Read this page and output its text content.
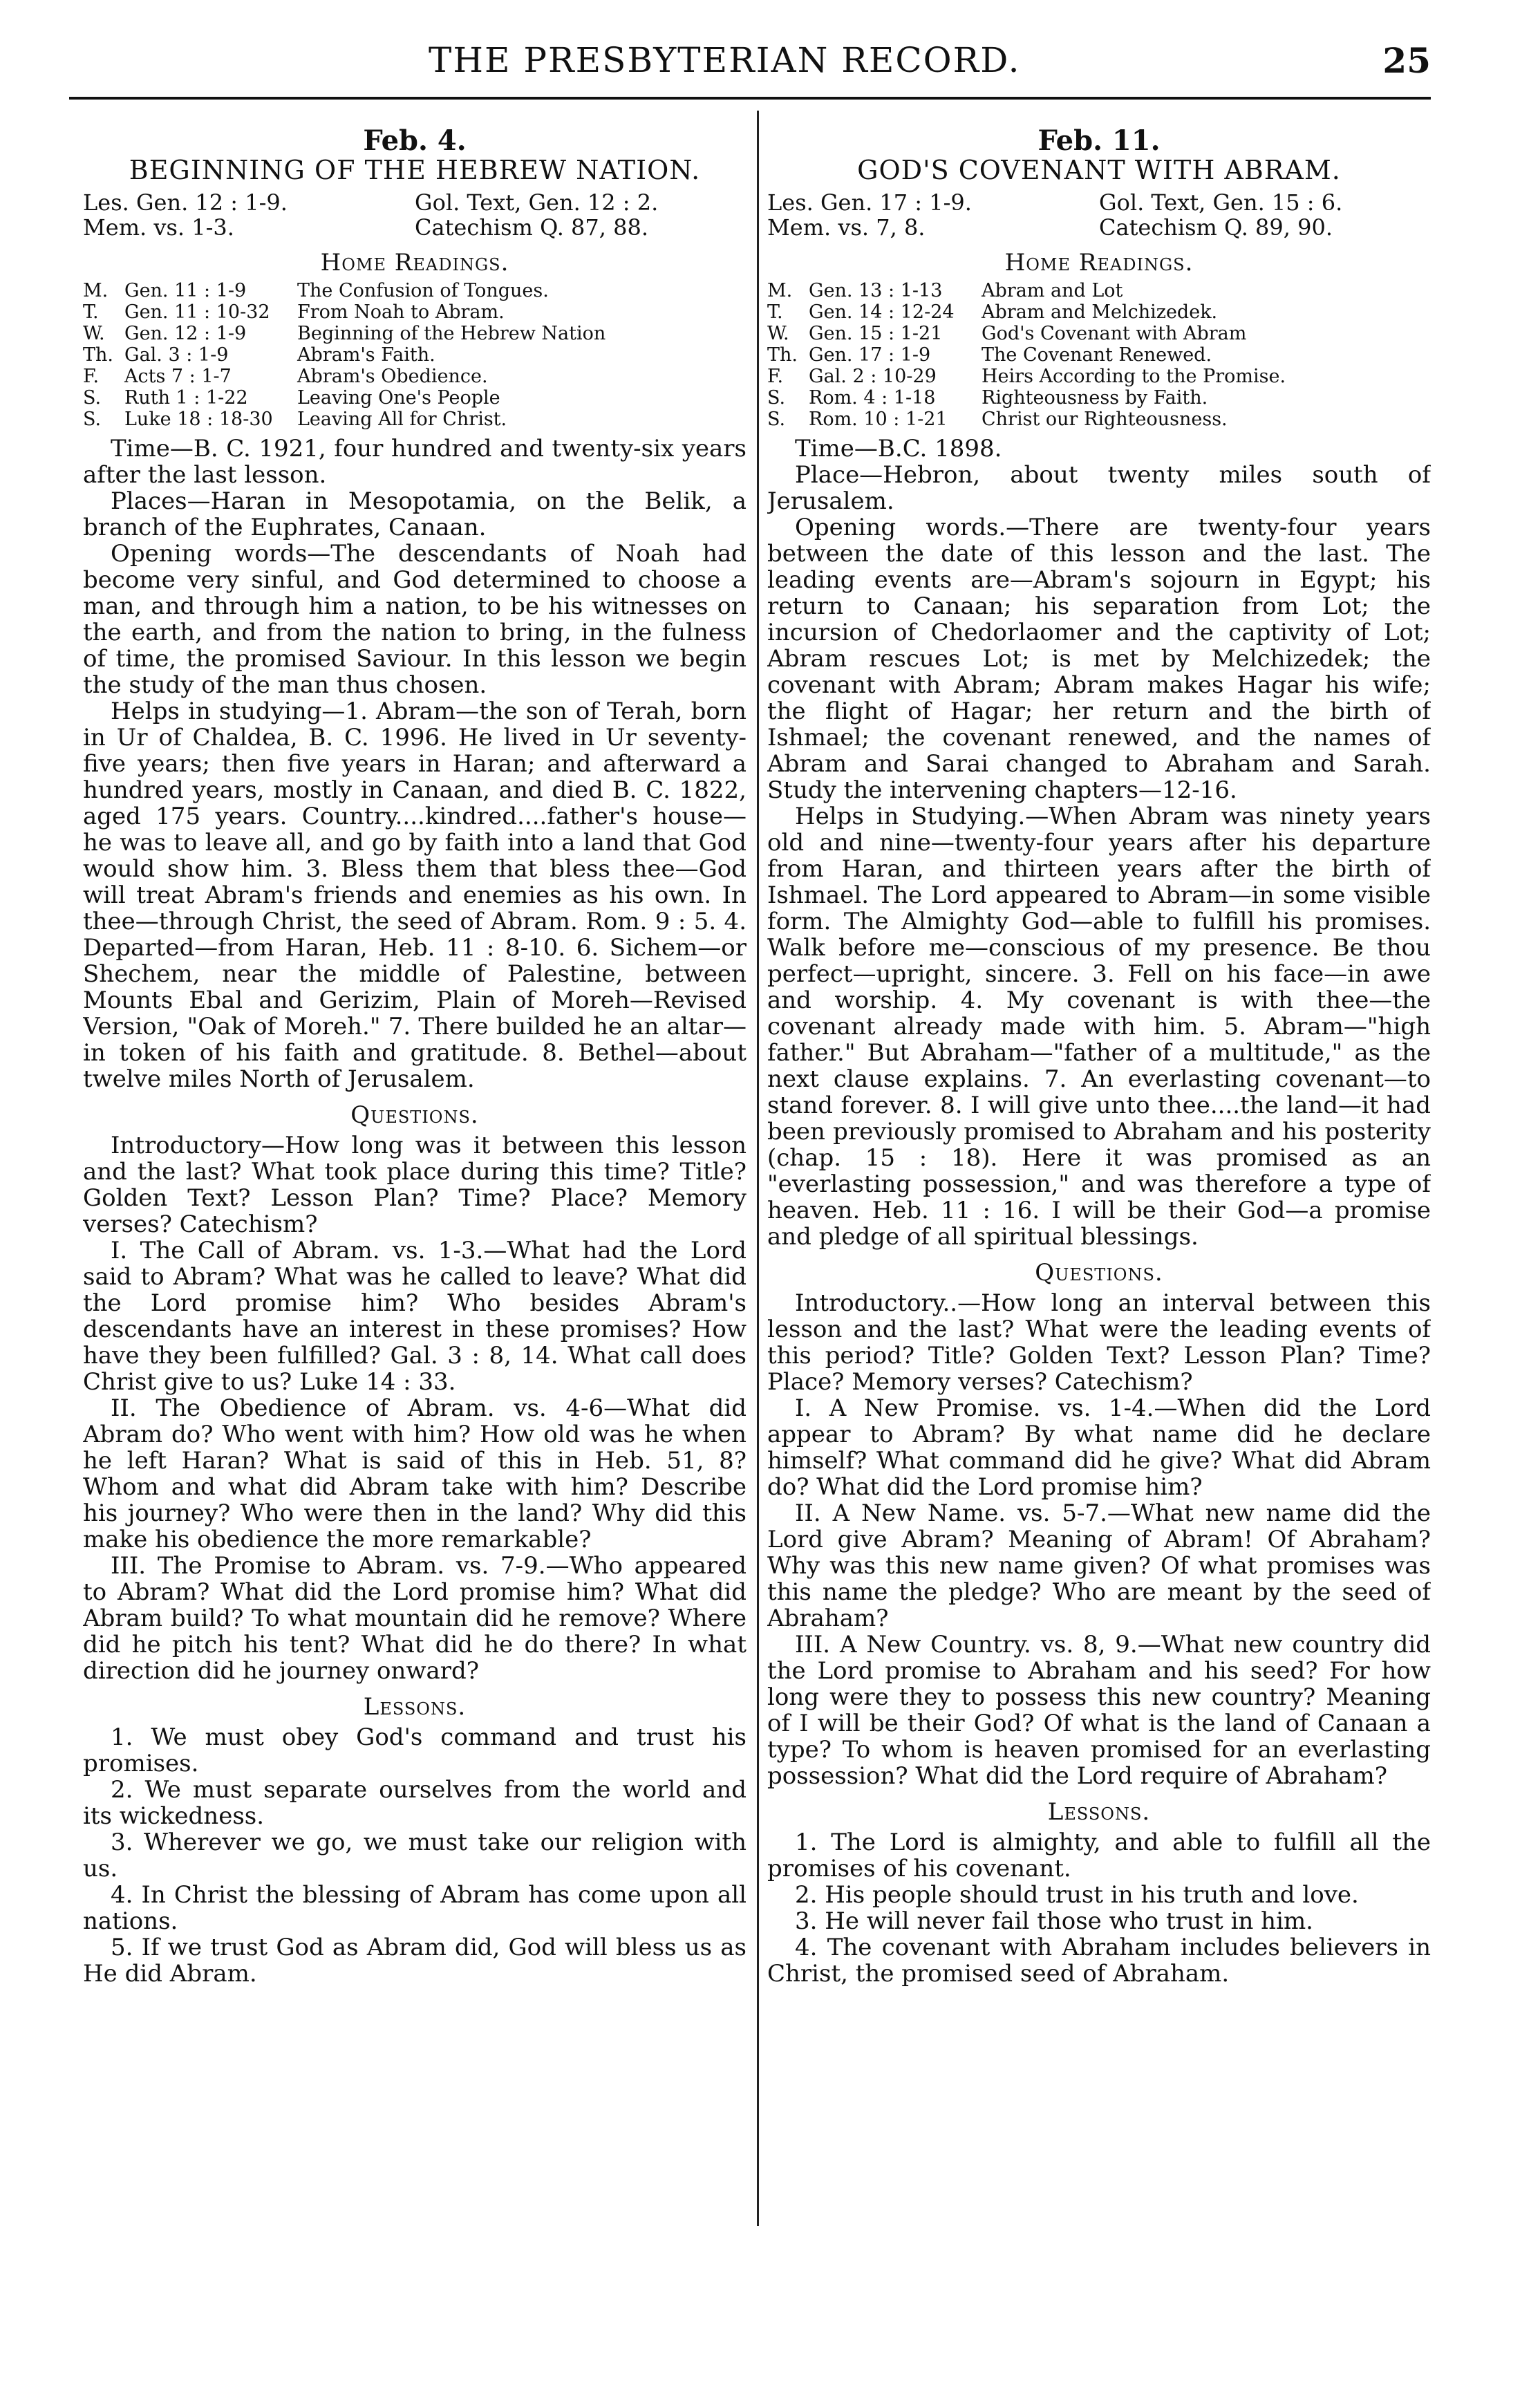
THE PRESBYTERIAN RECORD.	25
Feb. 4.
BEGINNING OF THE HEBREW NATION.
Les. Gen. 12 : 1-9.	Gol. Text, Gen. 12 : 2.
Mem. vs. 1-3.	Catechism Q. 87, 88.
Home Readings.
M. Gen. 11 : 1-9	The Confusion of Tongues.
T.	Gen. 11 : 10-32	From Noah to Abram.
W.	Gen. 12 : 1-9	Beginning of the Hebrew Nation
Th. Gal. 3 : 1-9	Abram's Faith.
F.	Acts 7 : 1-7	Abram's Obedience.
S.	Ruth 1 : 1-22	Leaving One's People
S.	Luke 18 : 18-30	Leaving All for Christ.

Time—B. C. 1921, four hundred and twenty-six years after the last lesson.

Places—Haran in Mesopotamia, on the Belik, a branch of the Euphrates, Canaan.

Opening words—The descendants of Noah had become very sinful, and God determined to choose a man, and through him a nation, to be his witnesses on the earth, and from the nation to bring, in the fulness of time, the promised Saviour. In this lesson we begin the study of the man thus chosen.

Helps in studying—1. Abram—the son of Terah, born in Ur of Chaldea, B. C. 1996. He lived in Ur seventy-five years; then five years in Haran; and afterward a hundred years, mostly in Canaan, and died B. C. 1822, aged 175 years. Country....kindred....father's house—he was to leave all, and go by faith into a land that God would show him. 3. Bless them that bless thee—God will treat Abram's friends and enemies as his own. In thee—through Christ, the seed of Abram. Rom. 9 : 5. 4. Departed—from Haran, Heb. 11 : 8-10. 6. Sichem—or Shechem, near the middle of Palestine, between Mounts Ebal and Gerizim, Plain of Moreh—Revised Version, "Oak of Moreh." 7. There builded he an altar—in token of his faith and gratitude. 8. Bethel—about twelve miles North of Jerusalem.

Questions.

Introductory—How long was it between this lesson and the last? What took place during this time? Title? Golden Text? Lesson Plan? Time? Place? Memory verses? Catechism?

I. The Call of Abram. vs. 1-3.—What had the Lord said to Abram? What was he called to leave? What did the Lord promise him? Who besides Abram's descendants have an interest in these promises? How have they been fulfilled? Gal. 3 : 8, 14. What call does Christ give to us? Luke 14 : 33.

II. The Obedience of Abram. vs. 4-6—What did Abram do? Who went with him? How old was he when he left Haran? What is said of this in Heb. 51, 8? Whom and what did Abram take with him? Describe his journey? Who were then in the land? Why did this make his obedience the more remarkable?

III. The Promise to Abram. vs. 7-9.—Who appeared to Abram? What did the Lord promise him? What did Abram build? To what mountain did he remove? Where did he pitch his tent? What did he do there? In what direction did he journey onward?

Lessons.

1. We must obey God's command and trust his promises.

2. We must separate ourselves from the world and its wickedness.

3. Wherever we go, we must take our religion with us.

4. In Christ the blessing of Abram has come upon all nations.

5. If we trust God as Abram did, God will bless us as He did Abram.

Feb. 11.
GOD'S COVENANT WITH ABRAM.
Les. Gen. 17 : 1-9.	Gol. Text, Gen. 15 : 6.
Mem. vs. 7, 8.	Catechism Q. 89, 90.
Home Readings.
M. Gen. 13 : 1-13	Abram and Lot
T.	Gen. 14 : 12-24	Abram and Melchizedek.
W.	Gen. 15 : 1-21	God's Covenant with Abram
Th. Gen. 17 : 1-9	The Covenant Renewed.
F.	Gal. 2 : 10-29	Heirs According to the Promise.
S.	Rom. 4 : 1-18	Righteousness by Faith.
S.	Rom. 10 : 1-21	Christ our Righteousness.

Time—B.C. 1898.

Place—Hebron, about twenty miles south of Jerusalem.

Opening words.—There are twenty-four years between the date of this lesson and the last. The leading events are—Abram's sojourn in Egypt; his return to Canaan; his separation from Lot; the incursion of Chedorlaomer and the captivity of Lot; Abram rescues Lot; is met by Melchizedek; the covenant with Abram; Abram makes Hagar his wife; the flight of Hagar; her return and the birth of Ishmael; the covenant renewed, and the names of Abram and Sarai changed to Abraham and Sarah. Study the intervening chapters—12-16.

Helps in Studying.—When Abram was ninety years old and nine—twenty-four years after his departure from Haran, and thirteen years after the birth of Ishmael. The Lord appeared to Abram—in some visible form. The Almighty God—able to fulfill his promises. Walk before me—conscious of my presence. Be thou perfect—upright, sincere. 3. Fell on his face—in awe and worship. 4. My covenant is with thee—the covenant already made with him. 5. Abram—"high father." But Abraham—"father of a multitude," as the next clause explains. 7. An everlasting covenant—to stand forever. 8. I will give unto thee....the land—it had been previously promised to Abraham and his posterity (chap. 15 : 18). Here it was promised as an "everlasting possession," and was therefore a type of heaven. Heb. 11 : 16. I will be their God—a promise and pledge of all spiritual blessings.

Questions.

Introductory..—How long an interval between this lesson and the last? What were the leading events of this period? Title? Golden Text? Lesson Plan? Time? Place? Memory verses? Catechism?

I. A New Promise. vs. 1-4.—When did the Lord appear to Abram? By what name did he declare himself? What command did he give? What did Abram do? What did the Lord promise him?

II. A New Name. vs. 5-7.—What new name did the Lord give Abram? Meaning of Abram! Of Abraham? Why was this new name given? Of what promises was this name the pledge? Who are meant by the seed of Abraham?

III. A New Country. vs. 8, 9.—What new country did the Lord promise to Abraham and his seed? For how long were they to possess this new country? Meaning of I will be their God? Of what is the land of Canaan a type? To whom is heaven promised for an everlasting possession? What did the Lord require of Abraham?

Lessons.

1. The Lord is almighty, and able to fulfill all the promises of his covenant.

2. His people should trust in his truth and love.

3. He will never fail those who trust in him.

4. The covenant with Abraham includes believers in Christ, the promised seed of Abraham.
